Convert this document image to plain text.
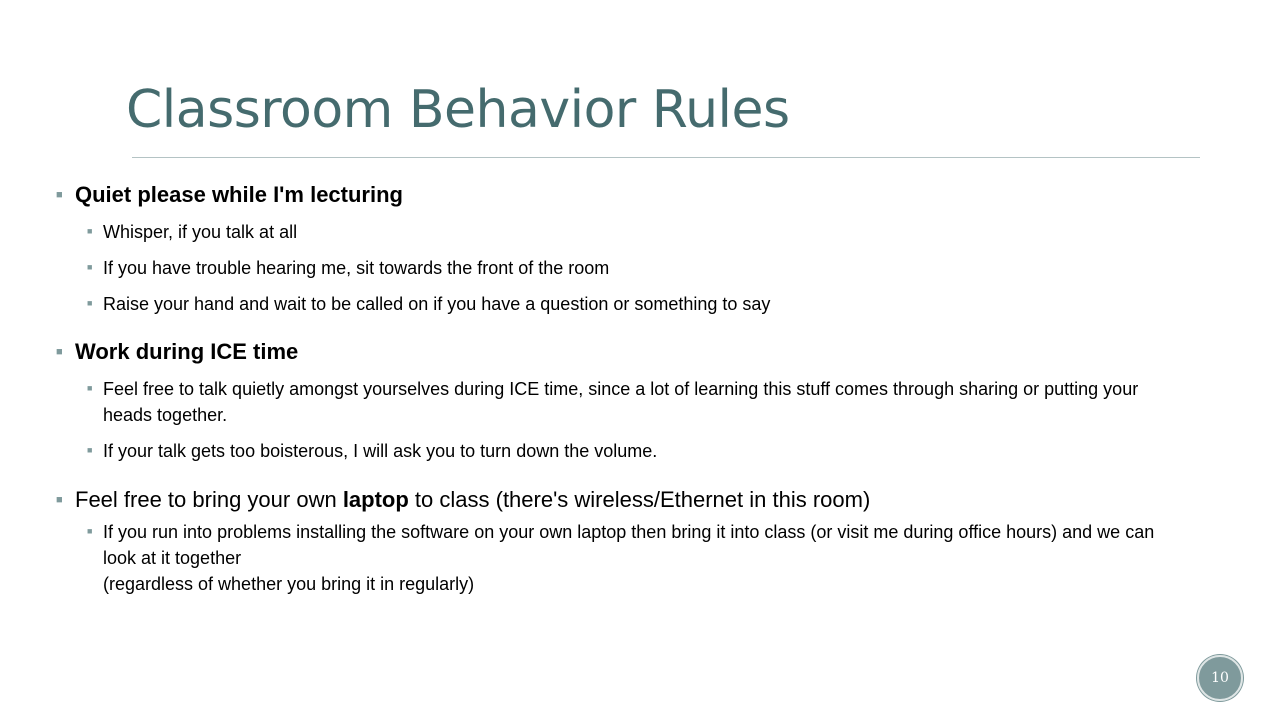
Classroom Behavior Rules
■ Quiet please while I'm lecturing
■ Whisper, if you talk at all
■ If you have trouble hearing me, sit towards the front of the room
■ Raise your hand and wait to be called on if you have a question or something to say
■ Work during ICE time
■ Feel free to talk quietly amongst yourselves during ICE time, since a lot of learning this stuff comes through sharing or putting your heads together.
■ If your talk gets too boisterous, I will ask you to turn down the volume.
■ Feel free to bring your own laptop to class (there's wireless/Ethernet in this room)
■ If you run into problems installing the software on your own laptop then bring it into class (or visit me during office hours) and we can look at it together
(regardless of whether you bring it in regularly)
10
